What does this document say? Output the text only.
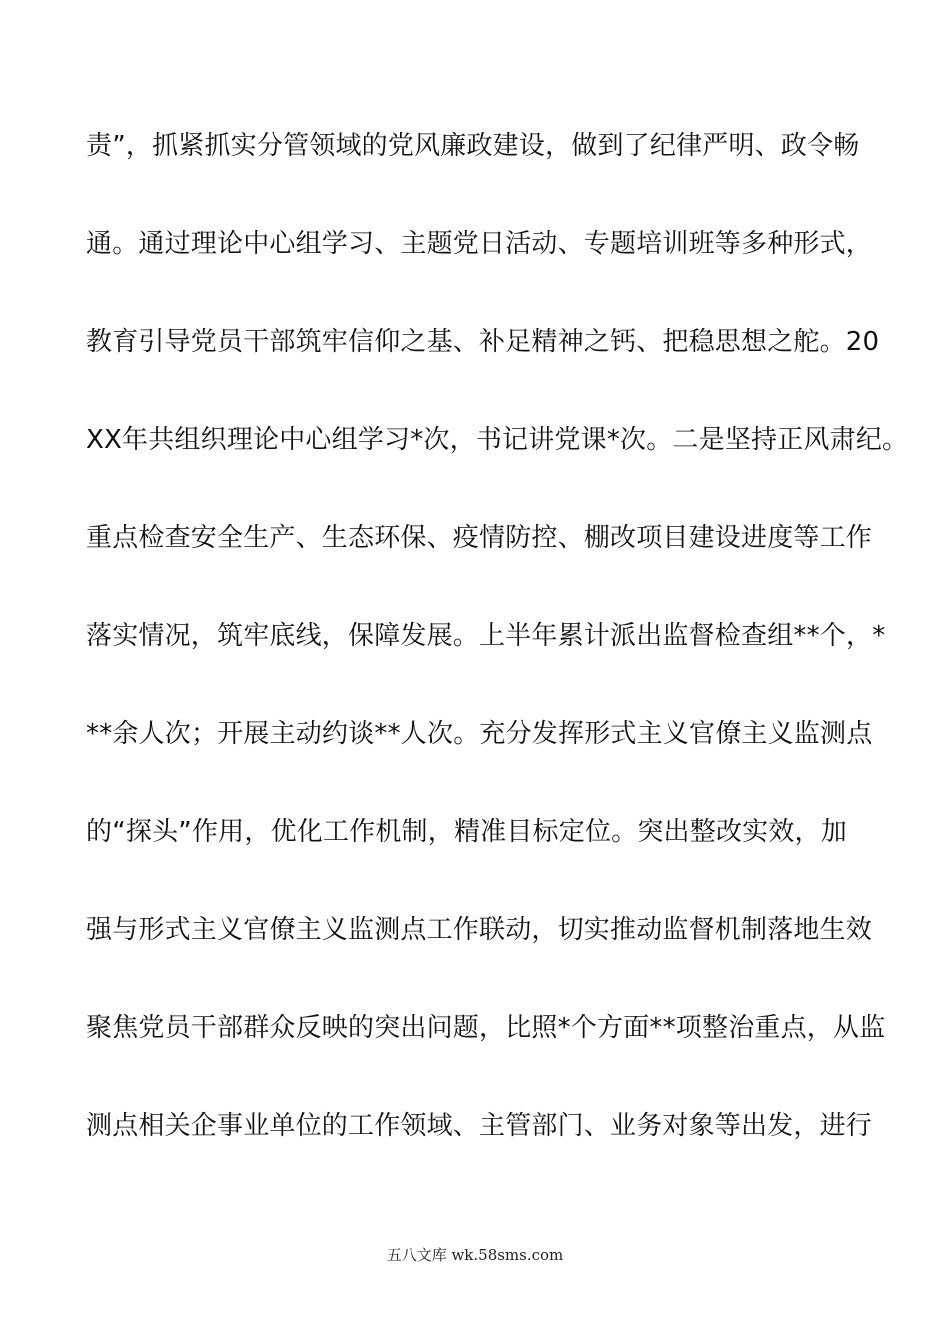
责”，抓紧抓实分管领域的党风廉政建设，做到了纪律严明、政令畅
通。通过理论中心组学习、主题党日活动、专题培训班等多种形式，
教育引导党员干部筑牢信仰之基、补足精神之钙、把稳思想之舵。20
XX年共组织理论中心组学习*次，书记讲党课*次。二是坚持正风肃纪。
重点检查安全生产、生态环保、疫情防控、棚改项目建设进度等工作
落实情况，筑牢底线，保障发展。上半年累计派出监督检查组**个，*
**余人次；开展主动约谈**人次。充分发挥形式主义官僚主义监测点
的“探头”作用，优化工作机制，精准目标定位。突出整改实效，加
强与形式主义官僚主义监测点工作联动，切实推动监督机制落地生效
聚焦党员干部群众反映的突出问题，比照*个方面**项整治重点，从监
测点相关企事业单位的工作领域、主管部门、业务对象等出发，进行
五八文库 wk.58sms.com
